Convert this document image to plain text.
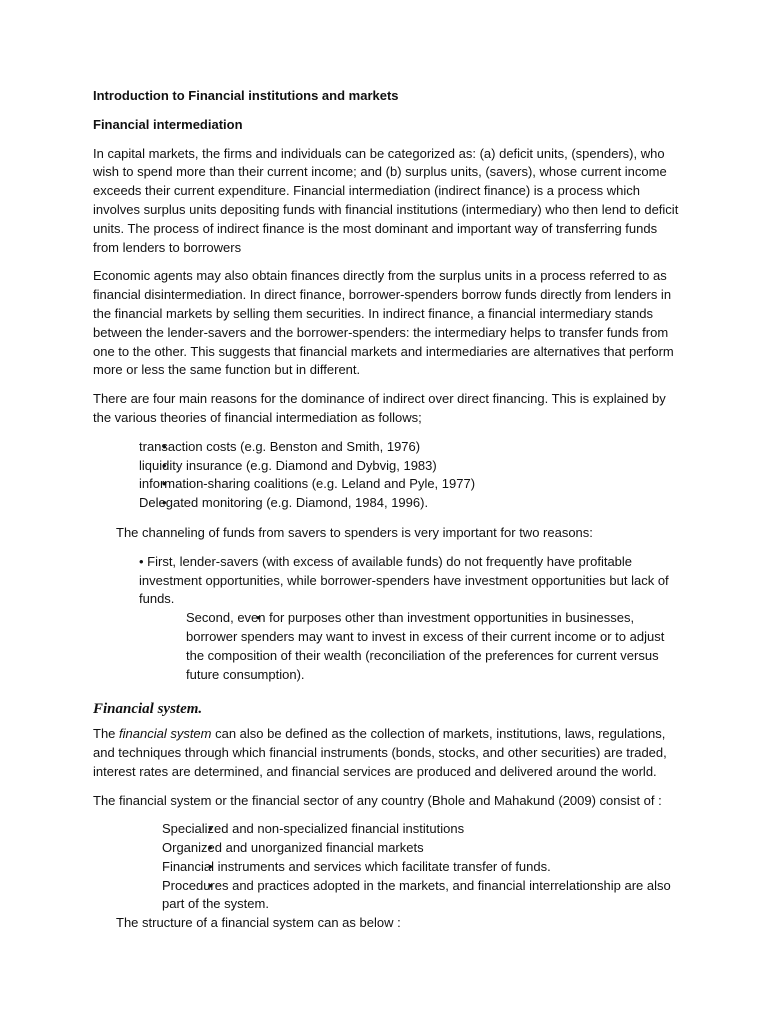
Introduction to Financial institutions and markets
Financial intermediation

In capital markets, the firms and individuals can be categorized as: (a) deficit units, (spenders), who wish to spend more than their current income; and (b) surplus units, (savers), whose current income exceeds their current expenditure. Financial intermediation (indirect finance) is a process which involves surplus units depositing funds with financial institutions (intermediary) who then lend to deficit units. The process of indirect finance is the most dominant and important way of transferring funds from lenders to borrowers

Economic agents may also obtain finances directly from the surplus units in a process referred to as financial disintermediation. In direct finance, borrower-spenders borrow funds directly from lenders in the financial markets by selling them securities. In indirect finance, a financial intermediary stands between the lender-savers and the borrower-spenders: the intermediary helps to transfer funds from one to the other. This suggests that financial markets and intermediaries are alternatives that perform more or less the same function but in different.

There are four main reasons for the dominance of indirect over direct financing. This is explained by the various theories of financial intermediation as follows;

• transaction costs (e.g. Benston and Smith, 1976)
• liquidity insurance (e.g. Diamond and Dybvig, 1983)
• information-sharing coalitions (e.g. Leland and Pyle, 1977)
• Delegated monitoring (e.g. Diamond, 1984, 1996).
The channeling of funds from savers to spenders is very important for two reasons:
• First, lender-savers (with excess of available funds) do not frequently have profitable investment opportunities, while borrower-spenders have investment opportunities but lack of funds.
• Second, even for purposes other than investment opportunities in businesses, borrower spenders may want to invest in excess of their current income or to adjust the composition of their wealth (reconciliation of the preferences for current versus future consumption).
Financial system.

The financial system can also be defined as the collection of markets, institutions, laws, regulations, and techniques through which financial instruments (bonds, stocks, and other securities) are traded, interest rates are determined, and financial services are produced and delivered around the world.

The financial system or the financial sector of any country (Bhole and Mahakund (2009) consist of :

• Specialized and non-specialized financial institutions
• Organized and unorganized financial markets
• Financial instruments and services which facilitate transfer of funds.
• Procedures and practices adopted in the markets, and financial interrelationship are also part of the system.
The structure of a financial system can as below :
